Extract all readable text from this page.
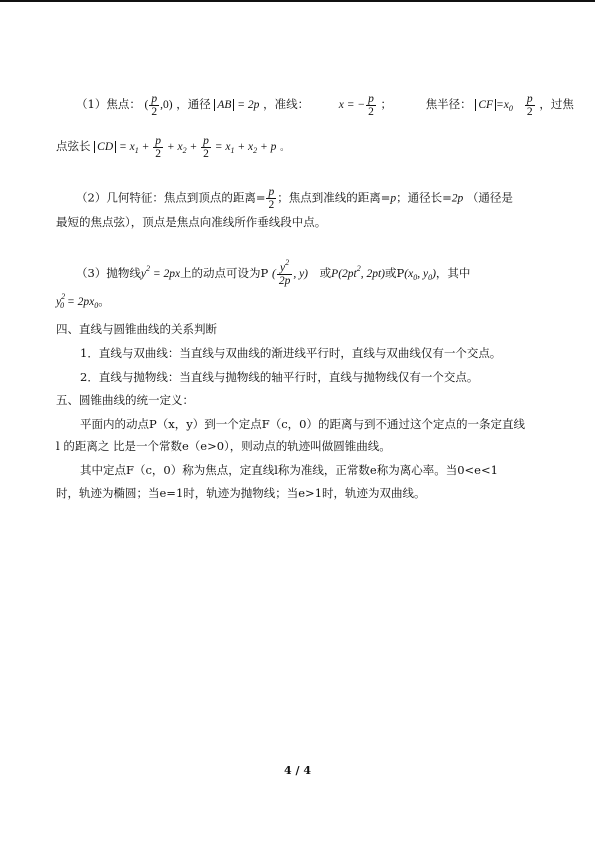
（1）焦点： ( $\frac{p}{2} ,0$) ，通径 AB = 2p ，准线：	x = − $\frac{p}{2}$ ；	焦半径： CF $=x_0 \frac{p}{2}$ ，过焦
点弦长 CD = $x_1 + \frac{p}{2} + x_2 + \frac{p}{2} = x_1 + x_2 + p$ 。
（2）几何特征：焦点到顶点的距离= $\frac{p}{2}$ ；焦点到准线的距离=p；通径长=2p （通径是
最短的焦点弦），顶点是焦点向准线所作垂线段中点。
（3）抛物线$y^2 = 2px$上的动点可设为P ( $\frac{y^2}{2p}$ , y) 或$P(2pt^2$, 2pt)或$P(x_0$, $y_0$)，其中
$y^2_0 = 2px_0$。
四、直线与圆锥曲线的关系判断
1．直线与双曲线：当直线与双曲线的渐进线平行时，直线与双曲线仅有一个交点。
2．直线与抛物线：当直线与抛物线的轴平行时，直线与抛物线仅有一个交点。
五、圆锥曲线的统一定义：
平面内的动点P（x，y）到一个定点F（c，0）的距离与到不通过这个定点的一条定直线
l 的距离之 比是一个常数e（e>0），则动点的轨迹叫做圆锥曲线。
其中定点F（c，0）称为焦点，定直线l称为准线，正常数e称为离心率。当0<e<1
时，轨迹为椭圆；当e=1时，轨迹为抛物线；当e>1时，轨迹为双曲线。
4 / 4
